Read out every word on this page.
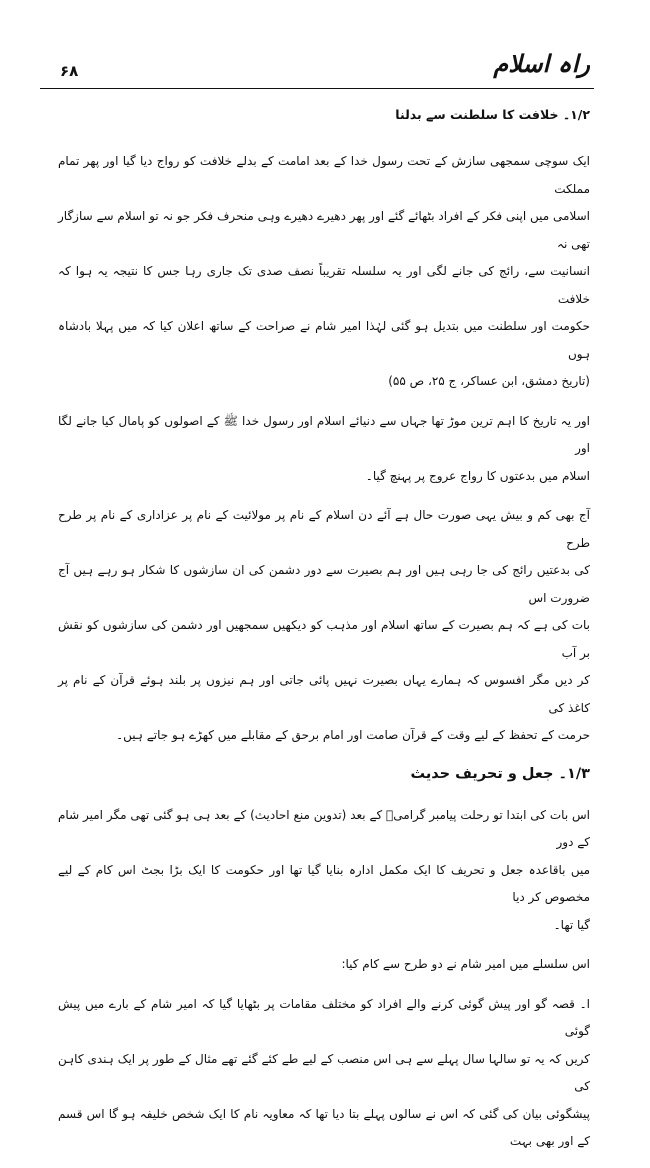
۶۸	راہ اسلام
۱/۲۔ خلافت کا سلطنت سے بدلنا
ایک سوچی سمجھی سازش کے تحت رسول خدا کے بعد امامت کے بدلے خلافت کو رواج دیا گیا اور پھر تمام مملکت
اسلامی میں اپنی فکر کے افراد بٹھائے گئے اور پھر دھیرے دھیرے وہی منحرف فکر جو نہ تو اسلام سے سازگار تھی نہ
انسانیت سے، رائج کی جانے لگی اور یہ سلسلہ تقریباً نصف صدی تک جاری رہا جس کا نتیجہ یہ ہوا کہ خلافت
حکومت اور سلطنت میں بتدیل ہو گئی لہٰذا امیر شام نے صراحت کے ساتھ اعلان کیا کہ میں پہلا بادشاہ ہوں
(تاریخ دمشق، ابن عساکر، ج ۲۵، ص ۵۵)
اور یہ تاریخ کا اہم ترین موڑ تھا جہاں سے دنیائے اسلام اور رسول خدا ﷺ کے اصولوں کو پامال کیا جانے لگا اور
اسلام میں بدعتوں کا رواج عروج پر پہنچ گیا۔
آج بھی کم و بیش یہی صورت حال ہے آئے دن اسلام کے نام پر مولائیت کے نام پر عزاداری کے نام پر طرح طرح
کی بدعتیں رائج کی جا رہی ہیں اور ہم بصیرت سے دور دشمن کی ان سازشوں کا شکار ہو رہے ہیں آج ضرورت اس
بات کی ہے کہ ہم بصیرت کے ساتھ اسلام اور مذہب کو دیکھیں سمجھیں اور دشمن کی سازشوں کو نقش بر آب
کر دیں مگر افسوس کہ ہمارے یہاں بصیرت نہیں پائی جاتی اور ہم نیزوں پر بلند ہوئے قرآن کے نام پر کاغذ کی
حرمت کے تحفظ کے لیے وقت کے قرآن صامت اور امام برحق کے مقابلے میں کھڑے ہو جاتے ہیں۔
۱/۳۔ جعل و تحریف حدیث
اس بات کی ابتدا تو رحلت پیامبر گرامیؐ کے بعد (تدوین منع احادیث) کے بعد ہی ہو گئی تھی مگر امیر شام کے دور
میں باقاعدہ جعل و تحریف کا ایک مکمل ادارہ بنایا گیا تھا اور حکومت کا ایک بڑا بجٹ اس کام کے لیے مخصوص کر دیا
گیا تھا۔
اس سلسلے میں امیر شام نے دو طرح سے کام کیا:
ا۔ قصہ گو اور پیش گوئی کرنے والے افراد کو مختلف مقامات پر بٹھایا گیا کہ امیر شام کے بارے میں پیش گوئی
کریں کہ یہ تو سالہا سال پہلے سے ہی اس منصب کے لیے طے کئے گئے تھے مثال کے طور پر ایک ہندی کاہن کی
پیشگوئی بیان کی گئی کہ اس نے سالوں پہلے بتا دیا تھا کہ معاویہ نام کا ایک شخص خلیفہ ہو گا اس قسم کے اور بھی بہت
